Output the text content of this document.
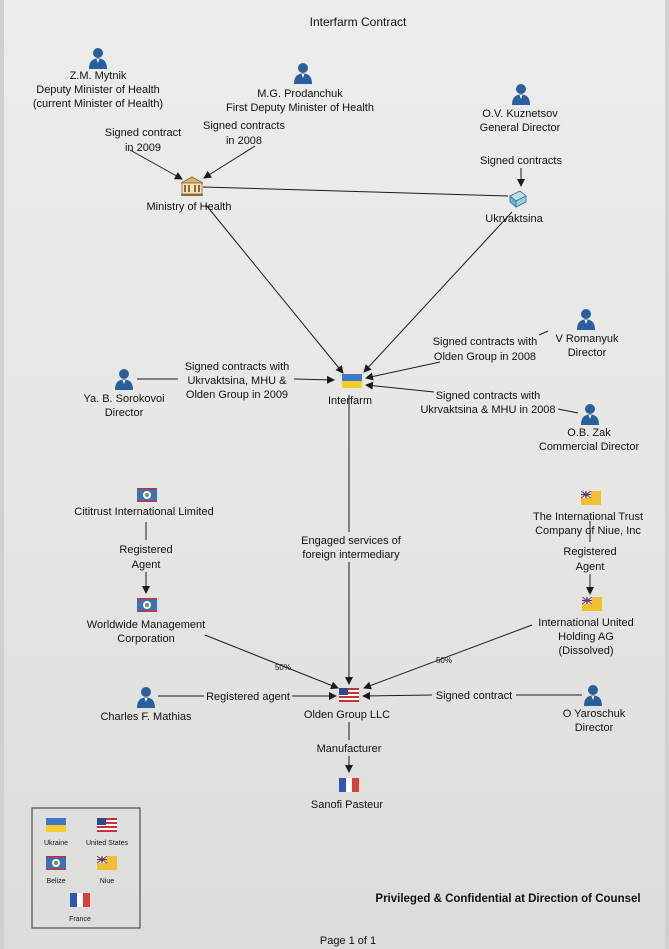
Signed contract
in 2009
Signed contracts
in 2008
Signed contracts
Signed contracts with
Ukrvaktsina, MHU &
Olden Group in 2009
Signed contracts with
Olden Group in 2008
Signed contracts with
Ukrvaktsina & MHU in 2008
Engaged services of
foreign intermediary
Registered
Agent
Registered
Agent
Registered agent	Signed contract
Manufacturer
50%
50%
Z.M. Mytnik
Deputy Minister of Health
(current Minister of Health)
M.G. Prodanchuk
First Deputy Minister of Health	O.V. Kuznetsov
General Director
Ministry of Health
Ukrvaktsina
V Romanyuk
Director
Ya. B. Sorokovoi
Director
Interfarm
O.B. Zak
Commercial Director
Cititrust International Limited	The International Trust
Company of Niue, Inc
Worldwide Management
Corporation
International United
Holding AG
(Dissolved)
Charles F. Mathias	Olden Group LLC	O Yaroschuk
Director
Sanofi Pasteur
Interfarm Contract
Privileged & Confidential at Direction of Counsel
Page 1 of 1
Ukraine	United States
Belize	Niue
France
